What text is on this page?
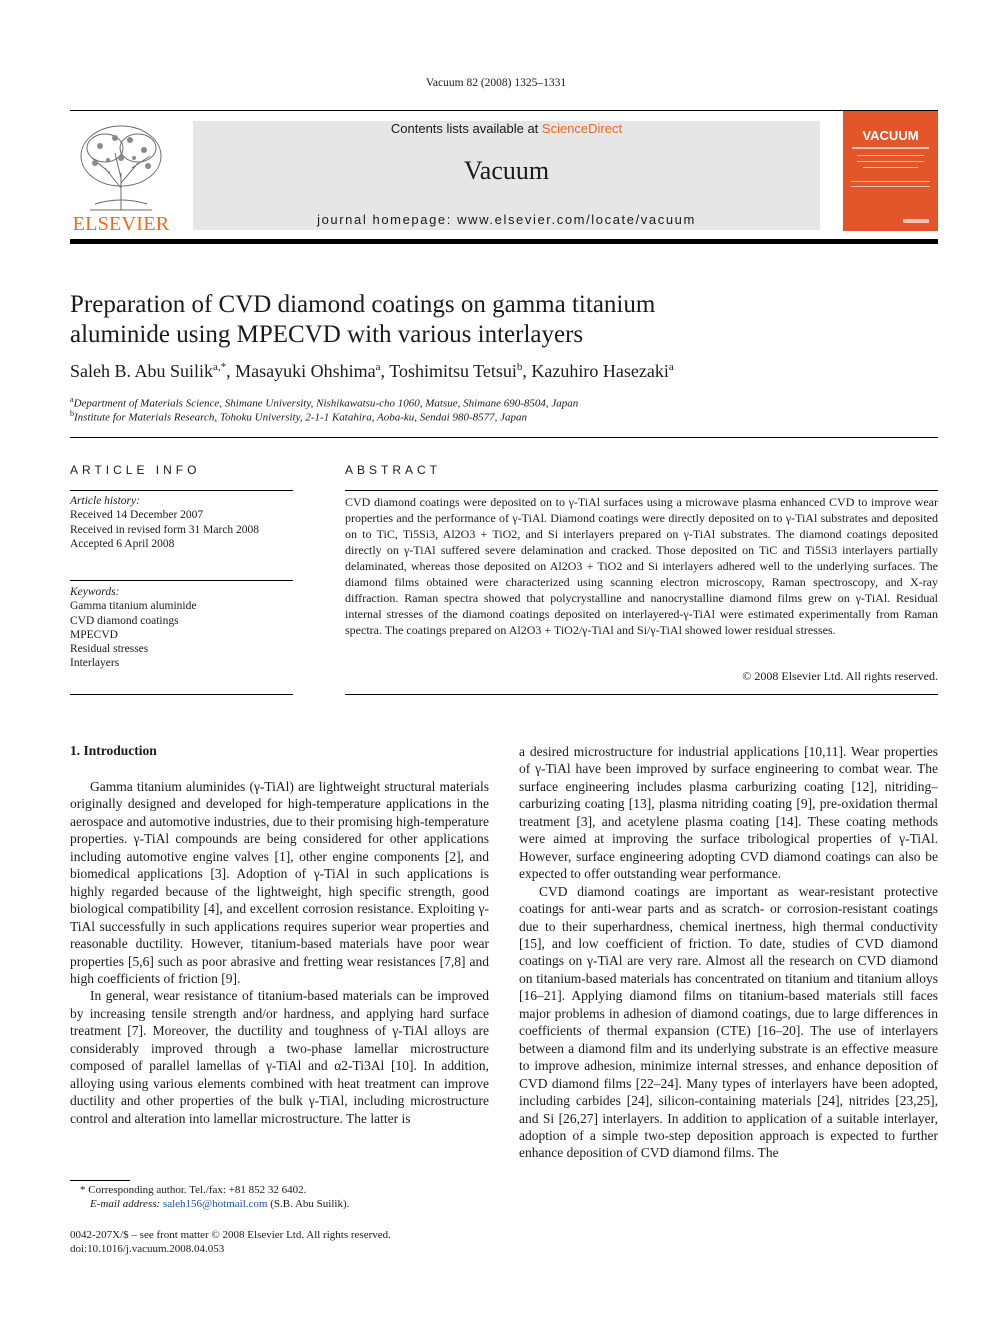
Vacuum 82 (2008) 1325–1331
ELSEVIER
Contents lists available at ScienceDirect
Vacuum
journal homepage: www.elsevier.com/locate/vacuum
VACUUM
Preparation of CVD diamond coatings on gamma titanium
aluminide using MPECVD with various interlayers
Saleh B. Abu Suilik$^{a,*}$, Masayuki Ohshima$^a$, Toshimitsu Tetsui$^b$, Kazuhiro Hasezaki$^a$
$^a$Department of Materials Science, Shimane University, Nishikawatsu-cho 1060, Matsue, Shimane 690-8504, Japan
$^b$Institute for Materials Research, Tohoku University, 2-1-1 Katahira, Aoba-ku, Sendai 980-8577, Japan
ARTICLE INFO
Article history:
Received 14 December 2007
Received in revised form 31 March 2008
Accepted 6 April 2008
Keywords:
Gamma titanium aluminide
CVD diamond coatings
MPECVD
Residual stresses
Interlayers
ABSTRACT
CVD diamond coatings were deposited on to γ-TiAl surfaces using a microwave plasma enhanced CVD to improve wear properties and the performance of γ-TiAl. Diamond coatings were directly deposited on to γ-TiAl substrates and deposited on to TiC, Ti5Si3, Al2O3 + TiO2, and Si interlayers prepared on γ-TiAl substrates. The diamond coatings deposited directly on γ-TiAl suffered severe delamination and cracked. Those deposited on TiC and Ti5Si3 interlayers partially delaminated, whereas those deposited on Al2O3 + TiO2 and Si interlayers adhered well to the underlying surfaces. The diamond films obtained were characterized using scanning electron microscopy, Raman spectroscopy, and X-ray diffraction. Raman spectra showed that polycrystalline and nanocrystalline diamond films grew on γ-TiAl. Residual internal stresses of the diamond coatings deposited on interlayered-γ-TiAl were estimated experimentally from Raman spectra. The coatings prepared on Al2O3 + TiO2/γ-TiAl and Si/γ-TiAl showed lower residual stresses.
© 2008 Elsevier Ltd. All rights reserved.
1. Introduction

Gamma titanium aluminides (γ-TiAl) are lightweight structural materials originally designed and developed for high-temperature applications in the aerospace and automotive industries, due to their promising high-temperature properties. γ-TiAl compounds are being considered for other applications including automotive engine valves [1], other engine components [2], and biomedical applications [3]. Adoption of γ-TiAl in such applications is highly regarded because of the lightweight, high specific strength, good biological compatibility [4], and excellent corrosion resistance. Exploiting γ-TiAl successfully in such applications requires superior wear properties and reasonable ductility. However, titanium-based materials have poor wear properties [5,6] such as poor abrasive and fretting wear resistances [7,8] and high coefficients of friction [9].

In general, wear resistance of titanium-based materials can be improved by increasing tensile strength and/or hardness, and applying hard surface treatment [7]. Moreover, the ductility and toughness of γ-TiAl alloys are considerably improved through a two-phase lamellar microstructure composed of parallel lamellas of γ-TiAl and α2-Ti3Al [10]. In addition, alloying using various elements combined with heat treatment can improve ductility and other properties of the bulk γ-TiAl, including microstructure control and alteration into lamellar microstructure. The latter is

a desired microstructure for industrial applications [10,11]. Wear properties of γ-TiAl have been improved by surface engineering to combat wear. The surface engineering includes plasma carburizing coating [12], nitriding–carburizing coating [13], plasma nitriding coating [9], pre-oxidation thermal treatment [3], and acetylene plasma coating [14]. These coating methods were aimed at improving the surface tribological properties of γ-TiAl. However, surface engineering adopting CVD diamond coatings can also be expected to offer outstanding wear performance.

CVD diamond coatings are important as wear-resistant protective coatings for anti-wear parts and as scratch- or corrosion-resistant coatings due to their superhardness, chemical inertness, high thermal conductivity [15], and low coefficient of friction. To date, studies of CVD diamond coatings on γ-TiAl are very rare. Almost all the research on CVD diamond on titanium-based materials has concentrated on titanium and titanium alloys [16–21]. Applying diamond films on titanium-based materials still faces major problems in adhesion of diamond coatings, due to large differences in coefficients of thermal expansion (CTE) [16–20]. The use of interlayers between a diamond film and its underlying substrate is an effective measure to improve adhesion, minimize internal stresses, and enhance deposition of CVD diamond films [22–24]. Many types of interlayers have been adopted, including carbides [24], silicon-containing materials [24], nitrides [23,25], and Si [26,27] interlayers. In addition to application of a suitable interlayer, adoption of a simple two-step deposition approach is expected to further enhance deposition of CVD diamond films. The

* Corresponding author. Tel./fax: +81 852 32 6402.
E-mail address: saleh156@hotmail.com (S.B. Abu Suilik).
0042-207X/$ – see front matter © 2008 Elsevier Ltd. All rights reserved.
doi:10.1016/j.vacuum.2008.04.053
